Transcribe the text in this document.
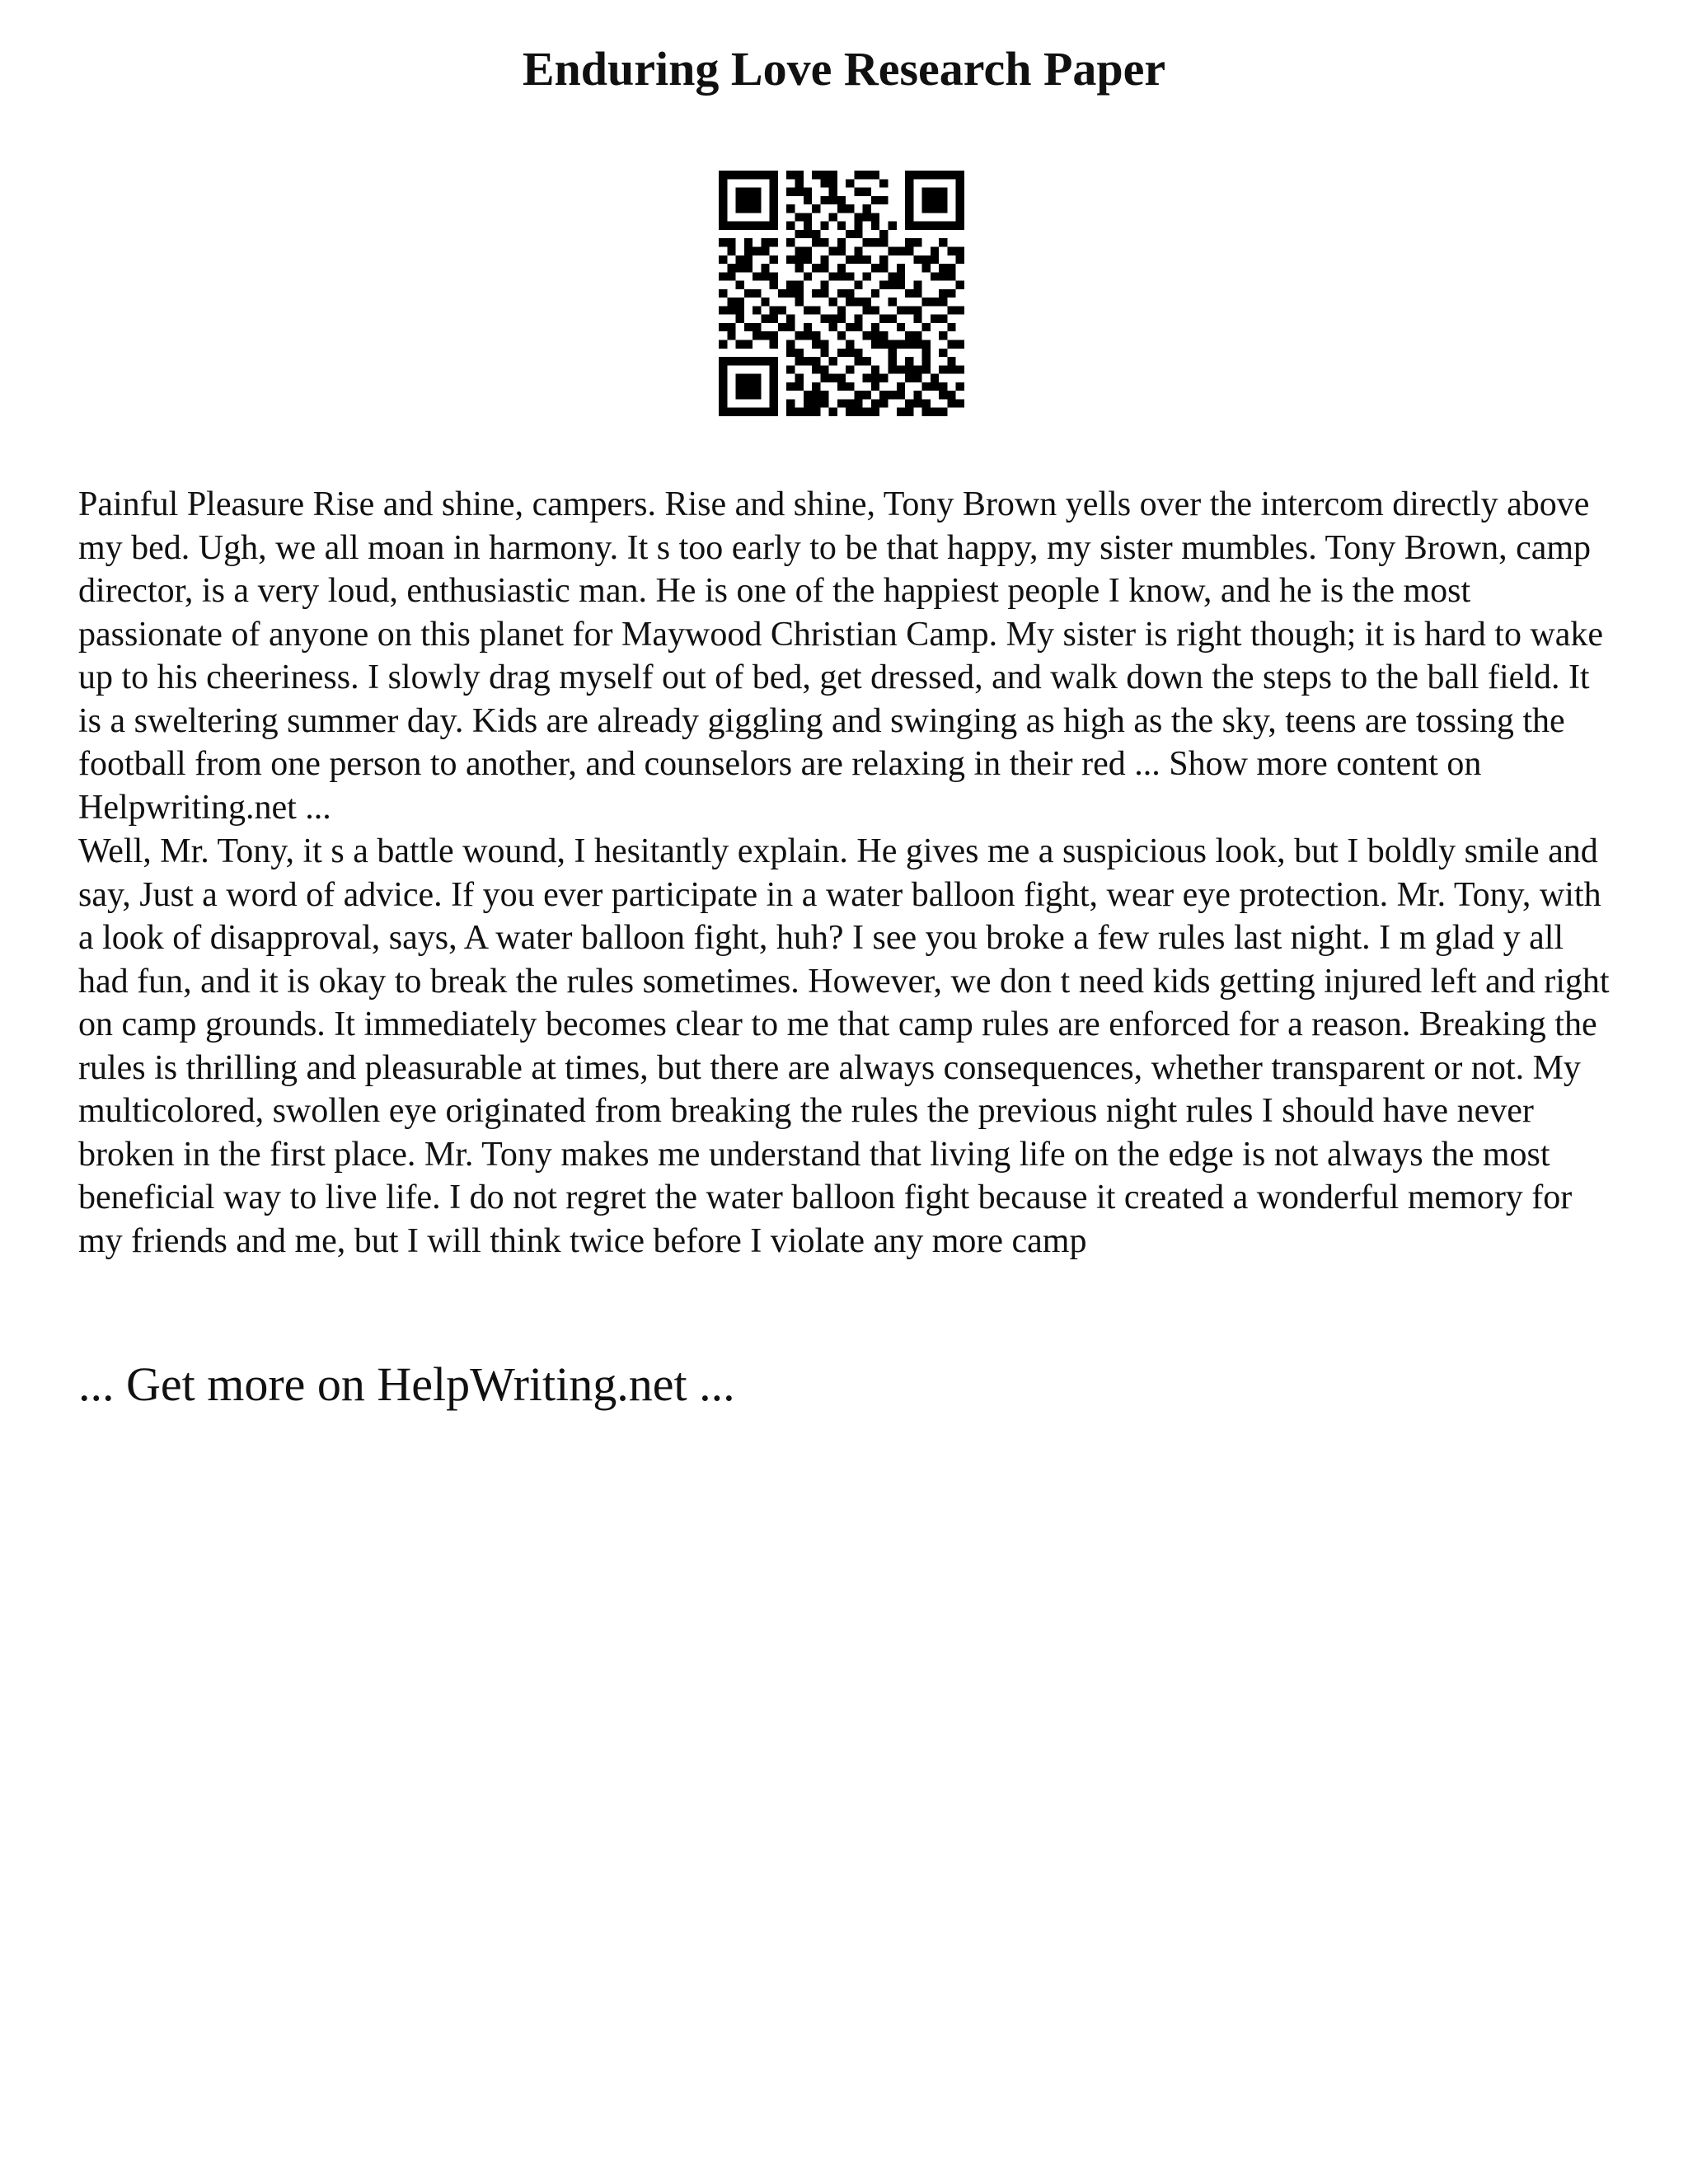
Enduring Love Research Paper

Painful Pleasure Rise and shine, campers. Rise and shine, Tony Brown yells over the intercom directly above my bed. Ugh, we all moan in harmony. It s too early to be that happy, my sister mumbles. Tony Brown, camp director, is a very loud, enthusiastic man. He is one of the happiest people I know, and he is the most passionate of anyone on this planet for Maywood Christian Camp. My sister is right though; it is hard to wake up to his cheeriness. I slowly drag myself out of bed, get dressed, and walk down the steps to the ball field. It is a sweltering summer day. Kids are already giggling and swinging as high as the sky, teens are tossing the football from one person to another, and counselors are relaxing in their red ... Show more content on Helpwriting.net ...

Well, Mr. Tony, it s a battle wound, I hesitantly explain. He gives me a suspicious look, but I boldly smile and say, Just a word of advice. If you ever participate in a water balloon fight, wear eye protection. Mr. Tony, with a look of disapproval, says, A water balloon fight, huh? I see you broke a few rules last night. I m glad y all had fun, and it is okay to break the rules sometimes. However, we don t need kids getting injured left and right on camp grounds. It immediately becomes clear to me that camp rules are enforced for a reason. Breaking the rules is thrilling and pleasurable at times, but there are always consequences, whether transparent or not. My multicolored, swollen eye originated from breaking the rules the previous night rules I should have never broken in the first place. Mr. Tony makes me understand that living life on the edge is not always the most beneficial way to live life. I do not regret the water balloon fight because it created a wonderful memory for my friends and me, but I will think twice before I violate any more camp

... Get more on HelpWriting.net ...
